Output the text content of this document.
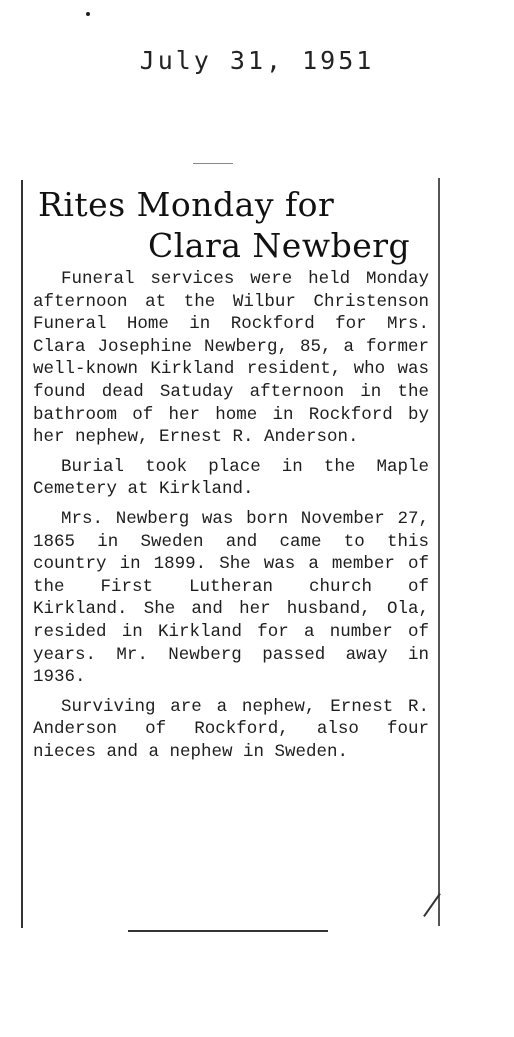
July 31, 1951
Rites Monday for
Clara Newberg

Funeral services were held Monday afternoon at the Wilbur Christenson Funeral Home in Rockford for Mrs. Clara Josephine Newberg, 85, a former well-known Kirkland resident, who was found dead Satuday afternoon in the bathroom of her home in Rockford by her nephew, Ernest R. Anderson.

Burial took place in the Maple Cemetery at Kirkland.

Mrs. Newberg was born November 27, 1865 in Sweden and came to this country in 1899. She was a member of the First Lutheran church of Kirkland. She and her husband, Ola, resided in Kirkland for a number of years. Mr. Newberg passed away in 1936.

Surviving are a nephew, Ernest R. Anderson of Rockford, also four nieces and a nephew in Sweden.
